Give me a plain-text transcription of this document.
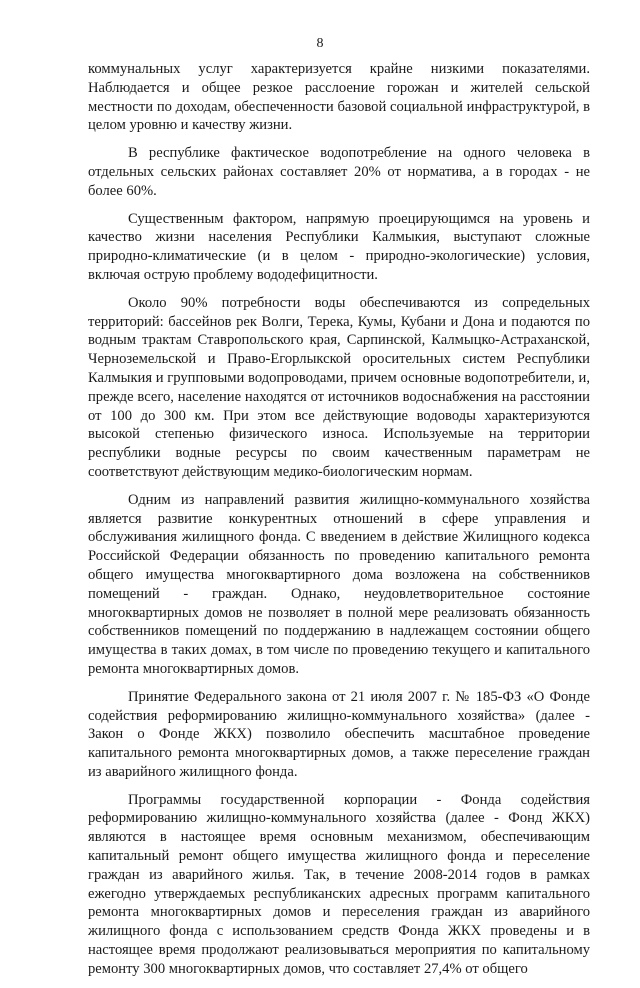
8

коммунальных услуг характеризуется крайне низкими показателями. Наблюдается и общее резкое расслоение горожан и жителей сельской местности по доходам, обеспеченности базовой социальной инфраструктурой, в целом уровню и качеству жизни.

В республике фактическое водопотребление на одного человека в отдельных сельских районах составляет 20% от норматива, а в городах - не более 60%.

Существенным фактором, напрямую проецирующимся на уровень и качество жизни населения Республики Калмыкия, выступают сложные природно-климатические (и в целом - природно-экологические) условия, включая острую проблему вододефицитности.

Около 90% потребности воды обеспечиваются из сопредельных территорий: бассейнов рек Волги, Терека, Кумы, Кубани и Дона и подаются по водным трактам Ставропольского края, Сарпинской, Калмыцко-Астраханской, Черноземельской и Право-Егорлыкской оросительных систем Республики Калмыкия и групповыми водопроводами, причем основные водопотребители, и, прежде всего, население находятся от источников водоснабжения на расстоянии от 100 до 300 км. При этом все действующие водоводы характеризуются высокой степенью физического износа. Используемые на территории республики водные ресурсы по своим качественным параметрам не соответствуют действующим медико-биологическим нормам.

Одним из направлений развития жилищно-коммунального хозяйства является развитие конкурентных отношений в сфере управления и обслуживания жилищного фонда. С введением в действие Жилищного кодекса Российской Федерации обязанность по проведению капитального ремонта общего имущества многоквартирного дома возложена на собственников помещений - граждан. Однако, неудовлетворительное состояние многоквартирных домов не позволяет в полной мере реализовать обязанность собственников помещений по поддержанию в надлежащем состоянии общего имущества в таких домах, в том числе по проведению текущего и капитального ремонта многоквартирных домов.

Принятие Федерального закона от 21 июля 2007 г. № 185-ФЗ «О Фонде содействия реформированию жилищно-коммунального хозяйства» (далее - Закон о Фонде ЖКХ) позволило обеспечить масштабное проведение капитального ремонта многоквартирных домов, а также переселение граждан из аварийного жилищного фонда.

Программы государственной корпорации - Фонда содействия реформированию жилищно-коммунального хозяйства (далее - Фонд ЖКХ) являются в настоящее время основным механизмом, обеспечивающим капитальный ремонт общего имущества жилищного фонда и переселение граждан из аварийного жилья. Так, в течение 2008-2014 годов в рамках ежегодно утверждаемых республиканских адресных программ капитального ремонта многоквартирных домов и переселения граждан из аварийного жилищного фонда с использованием средств Фонда ЖКХ проведены и в настоящее время продолжают реализовываться мероприятия по капитальному ремонту 300 многоквартирных домов, что составляет 27,4% от общего
